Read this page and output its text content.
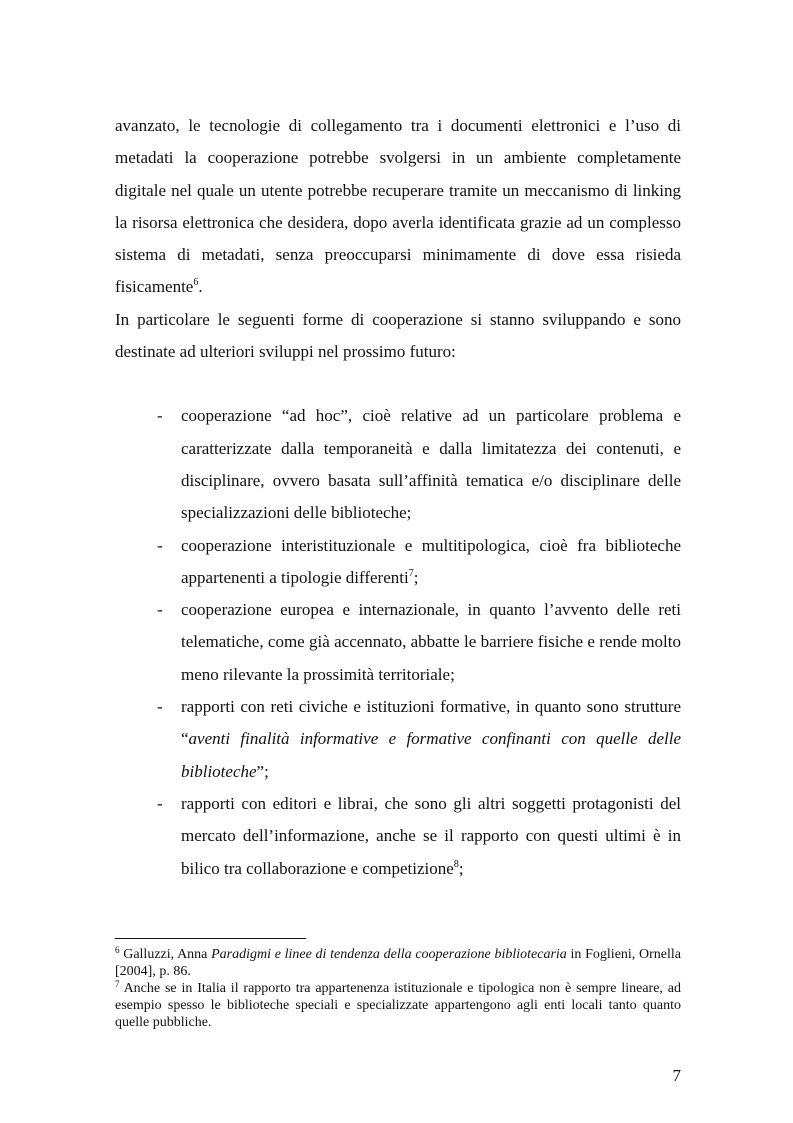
avanzato, le tecnologie di collegamento tra i documenti elettronici e l’uso di metadati la cooperazione potrebbe svolgersi in un ambiente completamente digitale nel quale un utente potrebbe recuperare tramite un meccanismo di linking la risorsa elettronica che desidera, dopo averla identificata grazie ad un complesso sistema di metadati, senza preoccuparsi minimamente di dove essa risieda fisicamente$^6$.

In particolare le seguenti forme di cooperazione si stanno sviluppando e sono destinate ad ulteriori sviluppi nel prossimo futuro:

- cooperazione “ad hoc”, cioè relative ad un particolare problema e caratterizzate dalla temporaneità e dalla limitatezza dei contenuti, e disciplinare, ovvero basata sull’affinità tematica e/o disciplinare delle specializzazioni delle biblioteche;
- cooperazione interistituzionale e multitipologica, cioè fra biblioteche appartenenti a tipologie differenti$^7$;
- cooperazione europea e internazionale, in quanto l’avvento delle reti telematiche, come già accennato, abbatte le barriere fisiche e rende molto meno rilevante la prossimità territoriale;
- rapporti con reti civiche e istituzioni formative, in quanto sono strutture “aventi finalità informative e formative confinanti con quelle delle biblioteche”;
- rapporti con editori e librai, che sono gli altri soggetti protagonisti del mercato dell’informazione, anche se il rapporto con questi ultimi è in bilico tra collaborazione e competizione$^8$;

$^6$ Galluzzi, Anna Paradigmi e linee di tendenza della cooperazione bibliotecaria in Foglieni, Ornella [2004], p. 86.

$^7$ Anche se in Italia il rapporto tra appartenenza istituzionale e tipologica non è sempre lineare, ad esempio spesso le biblioteche speciali e specializzate appartengono agli enti locali tanto quanto quelle pubbliche.

7
